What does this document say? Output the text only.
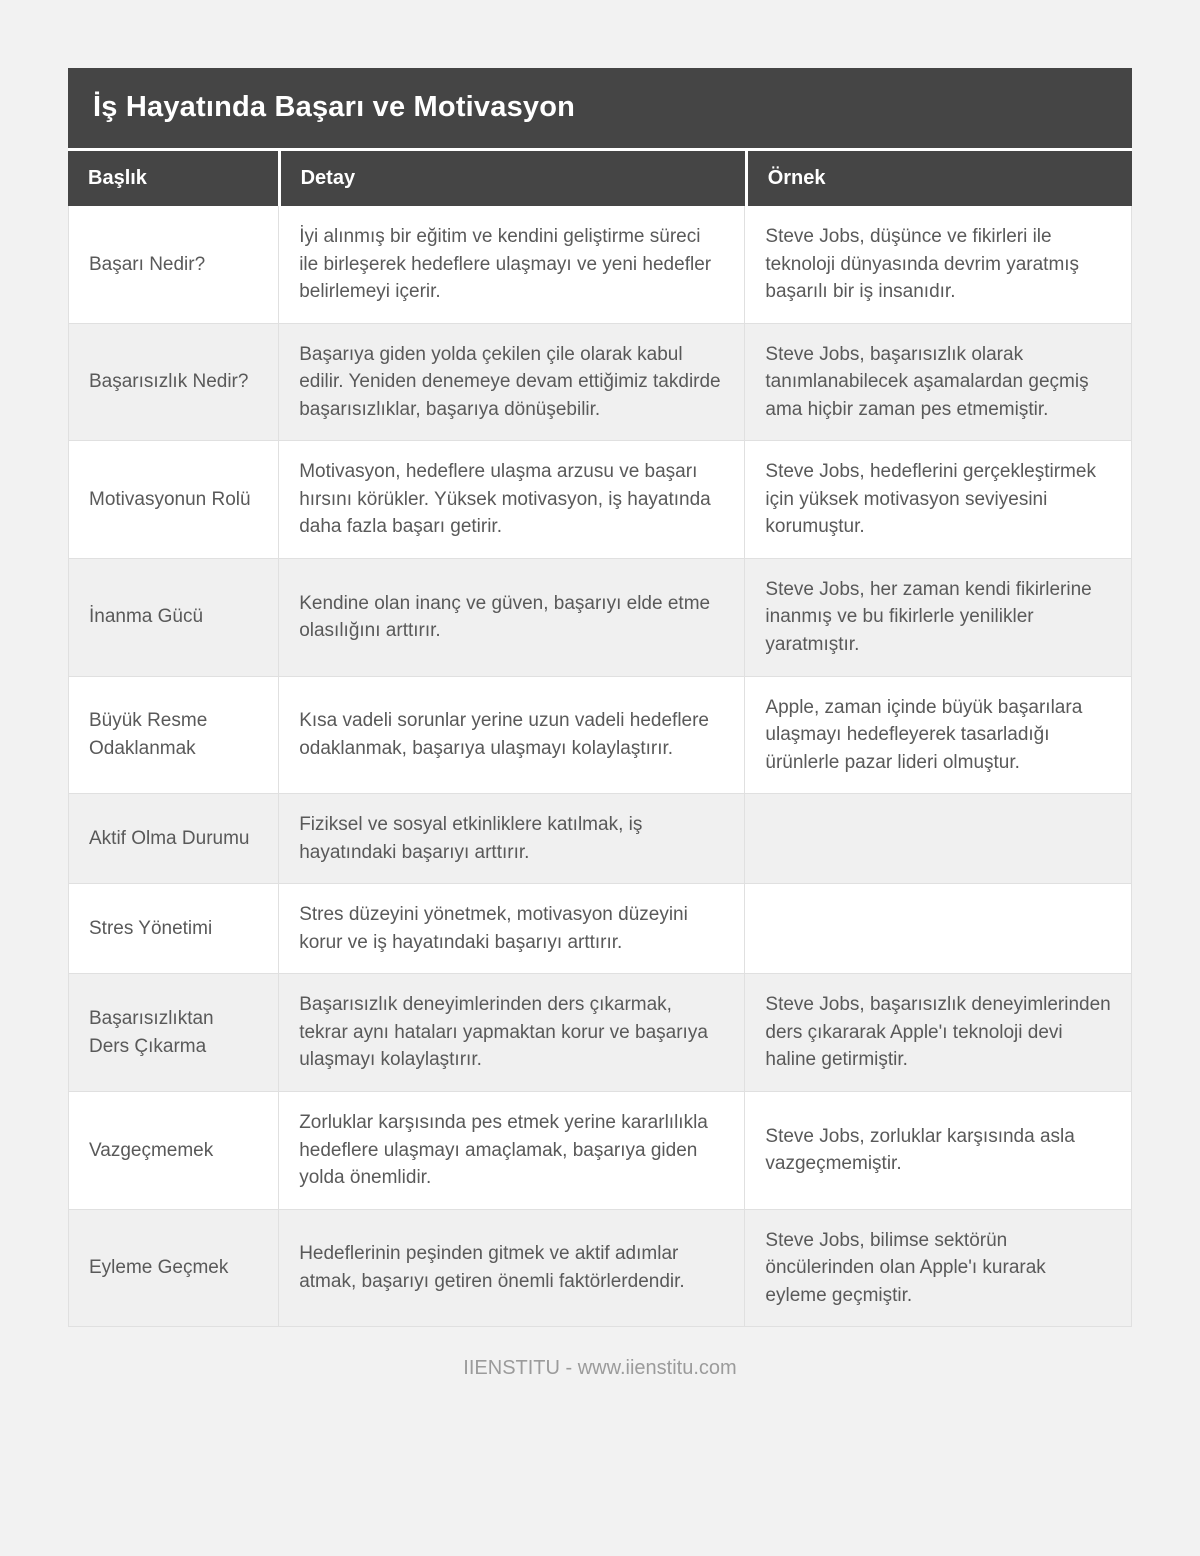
İş Hayatında Başarı ve Motivasyon
Başlık	Detay	Örnek
Başarı Nedir?
İyi alınmış bir eğitim ve kendini geliştirme süreci ile birleşerek hedeflere ulaşmayı ve yeni hedefler belirlemeyi içerir.
Steve Jobs, düşünce ve fikirleri ile teknoloji dünyasında devrim yaratmış başarılı bir iş insanıdır.
Başarısızlık Nedir?
Başarıya giden yolda çekilen çile olarak kabul edilir. Yeniden denemeye devam ettiğimiz takdirde başarısızlıklar, başarıya dönüşebilir.
Steve Jobs, başarısızlık olarak tanımlanabilecek aşamalardan geçmiş ama hiçbir zaman pes etmemiştir.
Motivasyonun Rolü
Motivasyon, hedeflere ulaşma arzusu ve başarı hırsını körükler. Yüksek motivasyon, iş hayatında daha fazla başarı getirir.
Steve Jobs, hedeflerini gerçekleştirmek için yüksek motivasyon seviyesini korumuştur.
İnanma Gücü
Kendine olan inanç ve güven, başarıyı elde etme olasılığını arttırır.
Steve Jobs, her zaman kendi fikirlerine inanmış ve bu fikirlerle yenilikler yaratmıştır.
Büyük Resme Odaklanmak
Kısa vadeli sorunlar yerine uzun vadeli hedeflere odaklanmak, başarıya ulaşmayı kolaylaştırır.
Apple, zaman içinde büyük başarılara ulaşmayı hedefleyerek tasarladığı ürünlerle pazar lideri olmuştur.
Aktif Olma Durumu
Fiziksel ve sosyal etkinliklere katılmak, iş hayatındaki başarıyı arttırır.
Stres Yönetimi
Stres düzeyini yönetmek, motivasyon düzeyini korur ve iş hayatındaki başarıyı arttırır.
Başarısızlıktan Ders Çıkarma
Başarısızlık deneyimlerinden ders çıkarmak, tekrar aynı hataları yapmaktan korur ve başarıya ulaşmayı kolaylaştırır.
Steve Jobs, başarısızlık deneyimlerinden ders çıkararak Apple'ı teknoloji devi haline getirmiştir.
Vazgeçmemek
Zorluklar karşısında pes etmek yerine kararlılıkla hedeflere ulaşmayı amaçlamak, başarıya giden yolda önemlidir.
Steve Jobs, zorluklar karşısında asla vazgeçmemiştir.
Eyleme Geçmek
Hedeflerinin peşinden gitmek ve aktif adımlar atmak, başarıyı getiren önemli faktörlerdendir.
Steve Jobs, bilimse sektörün öncülerinden olan Apple'ı kurarak eyleme geçmiştir.
IIENSTITU - www.iienstitu.com
